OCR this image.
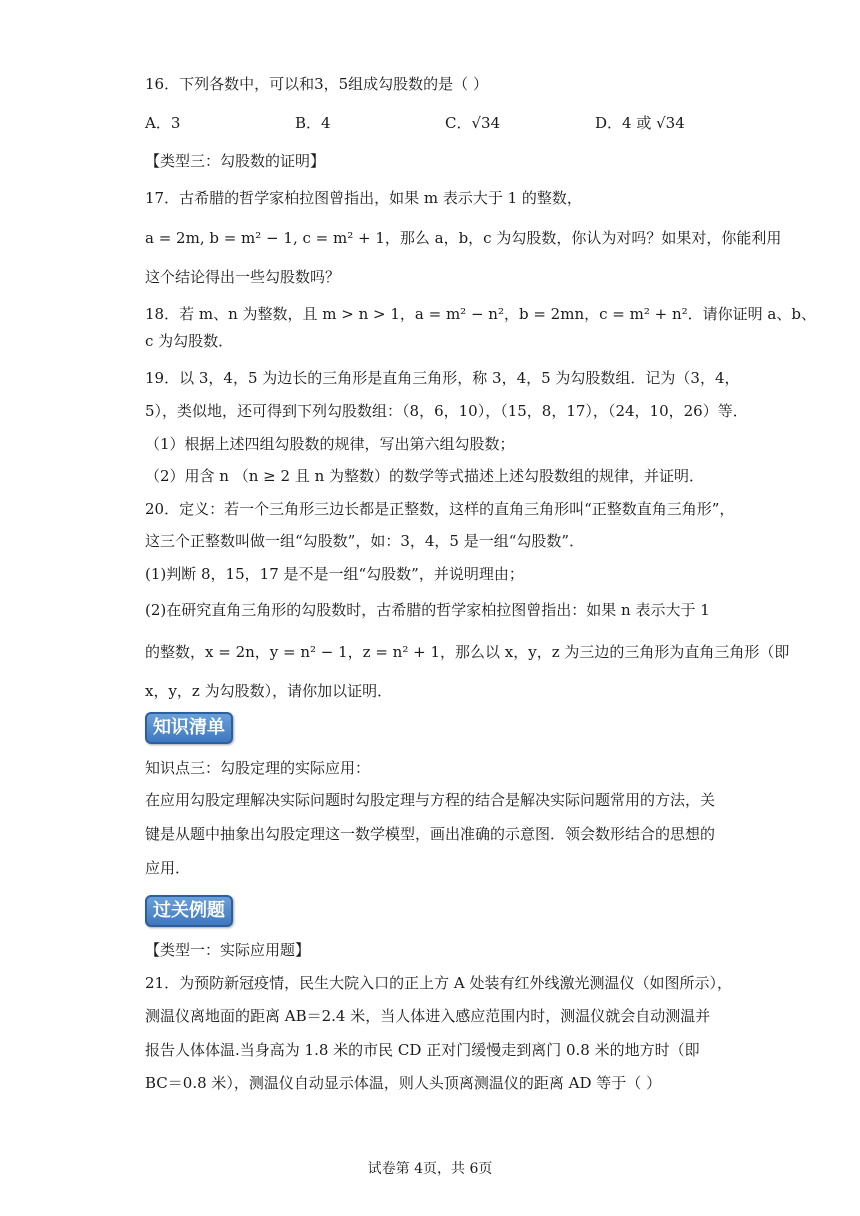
16．下列各数中，可以和3，5组成勾股数的是（ ）
A．3	B．4	C．√34	D．4 或 √34
【类型三：勾股数的证明】
17．古希腊的哲学家柏拉图曾指出，如果 m 表示大于 1 的整数，
a = 2m, b = m² − 1, c = m² + 1，那么 a，b，c 为勾股数，你认为对吗？如果对，你能利用
这个结论得出一些勾股数吗？
18．若 m、n 为整数，且 m > n > 1，a = m² − n²，b = 2mn，c = m² + n²．请你证明 a、b、
c 为勾股数．
19．以 3，4，5 为边长的三角形是直角三角形，称 3，4，5 为勾股数组．记为（3，4，
5），类似地，还可得到下列勾股数组：（8，6，10），（15，8，17），（24，10，26）等．
（1）根据上述四组勾股数的规律，写出第六组勾股数；
（2）用含 n （n ≥ 2 且 n 为整数）的数学等式描述上述勾股数组的规律，并证明．
20．定义：若一个三角形三边长都是正整数，这样的直角三角形叫“正整数直角三角形”，
这三个正整数叫做一组“勾股数”，如：3，4，5 是一组“勾股数”．
(1)判断 8，15，17 是不是一组“勾股数”，并说明理由；
(2)在研究直角三角形的勾股数时，古希腊的哲学家柏拉图曾指出：如果 n 表示大于 1
的整数，x = 2n，y = n² − 1，z = n² + 1，那么以 x，y，z 为三边的三角形为直角三角形（即
x，y，z 为勾股数），请你加以证明．
知识清单
知识点三：勾股定理的实际应用：
在应用勾股定理解决实际问题时勾股定理与方程的结合是解决实际问题常用的方法，关
键是从题中抽象出勾股定理这一数学模型，画出准确的示意图．领会数形结合的思想的
应用．
过关例题
【类型一：实际应用题】
21．为预防新冠疫情，民生大院入口的正上方 A 处装有红外线激光测温仪（如图所示），
测温仪离地面的距离 AB＝2.4 米，当人体进入感应范围内时，测温仪就会自动测温并
报告人体体温.当身高为 1.8 米的市民 CD 正对门缓慢走到离门 0.8 米的地方时（即
BC＝0.8 米），测温仪自动显示体温，则人头顶离测温仪的距离 AD 等于（ ）
试卷第 4页，共 6页
